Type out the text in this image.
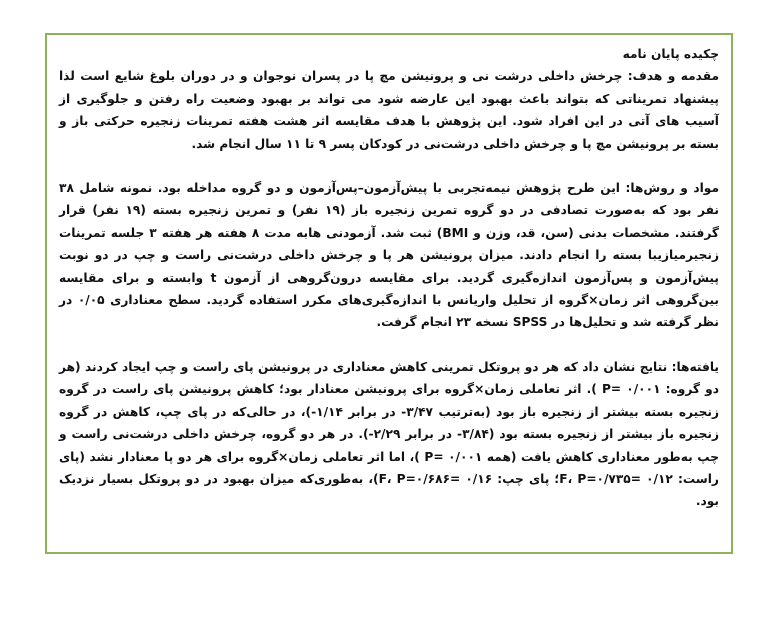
چکیده پایان نامه

مقدمه و هدف: چرخش داخلی درشت نی و پرونیشن مچ پا در پسران نوجوان و در دوران بلوغ شایع است لذا پیشنهاد تمریناتی که بتواند باعث بهبود این عارضه شود می تواند بر بهبود وضعیت راه رفتن و جلوگیری از آسیب های آتی در این افراد شود. این پژوهش با هدف مقایسه اثر هشت هفته تمرینات زنجیره حرکتی باز و بسته بر پرونیشن مچ پا و چرخش داخلی درشت‌نی در کودکان پسر ۹ تا ۱۱ سال انجام شد.

مواد و روش‌ها: این طرح پژوهش نیمه‌تجربی با پیش‌آزمون–پس‌آزمون و دو گروه مداخله بود. نمونه شامل ۳۸ نفر بود که به‌صورت تصادفی در دو گروه تمرین زنجیره باز (۱۹ نفر) و تمرین زنجیره بسته (۱۹ نفر) قرار گرفتند. مشخصات بدنی (سن، قد، وزن و BMI) ثبت شد. آزمودنی هابه مدت ۸ هفته هر هفته ۳ جلسه تمرینات زنجیرمیازیبا بسته را انجام دادند. میزان پرونیشن هر پا و چرخش داخلی درشت‌نی راست و چپ در دو نوبت پیش‌آزمون و پس‌آزمون اندازه‌گیری گردید. برای مقایسه درون‌گروهی از آزمون t وابسته و برای مقایسه بین‌گروهی اثر زمان×گروه از تحلیل واریانس با اندازه‌گیری‌های مکرر استفاده گردید. سطح معناداری ۰/۰۵ در نظر گرفته شد و تحلیل‌ها در SPSS نسخه ۲۳ انجام گرفت.

یافته‌ها: نتایج نشان داد که هر دو پروتکل تمرینی کاهش معناداری در پرونیشن پای راست و چپ ایجاد کردند (هر دو گروه: P= ۰/۰۰۱ ). اثر تعاملی زمان×گروه برای پرونیشن معنادار بود؛ کاهش پرونیشن پای راست در گروه زنجیره بسته بیشتر از زنجیره باز بود (به‌ترتیب ۳/۴۷- در برابر ۱/۱۴-)، در حالی‌که در پای چپ، کاهش در گروه زنجیره باز بیشتر از زنجیره بسته بود (۳/۸۴- در برابر ۲/۲۹-). در هر دو گروه، چرخش داخلی درشت‌نی راست و چپ به‌طور معناداری کاهش یافت (همه P= ۰/۰۰۱ )، اما اثر تعاملی زمان×گروه برای هر دو پا معنادار نشد (پای راست: ۰/۱۲ =F، P=۰/۷۳۵؛ پای چپ: ۰/۱۶ =F، P=۰/۶۸۶)، به‌طوری‌که میزان بهبود در دو پروتکل بسیار نزدیک بود.
